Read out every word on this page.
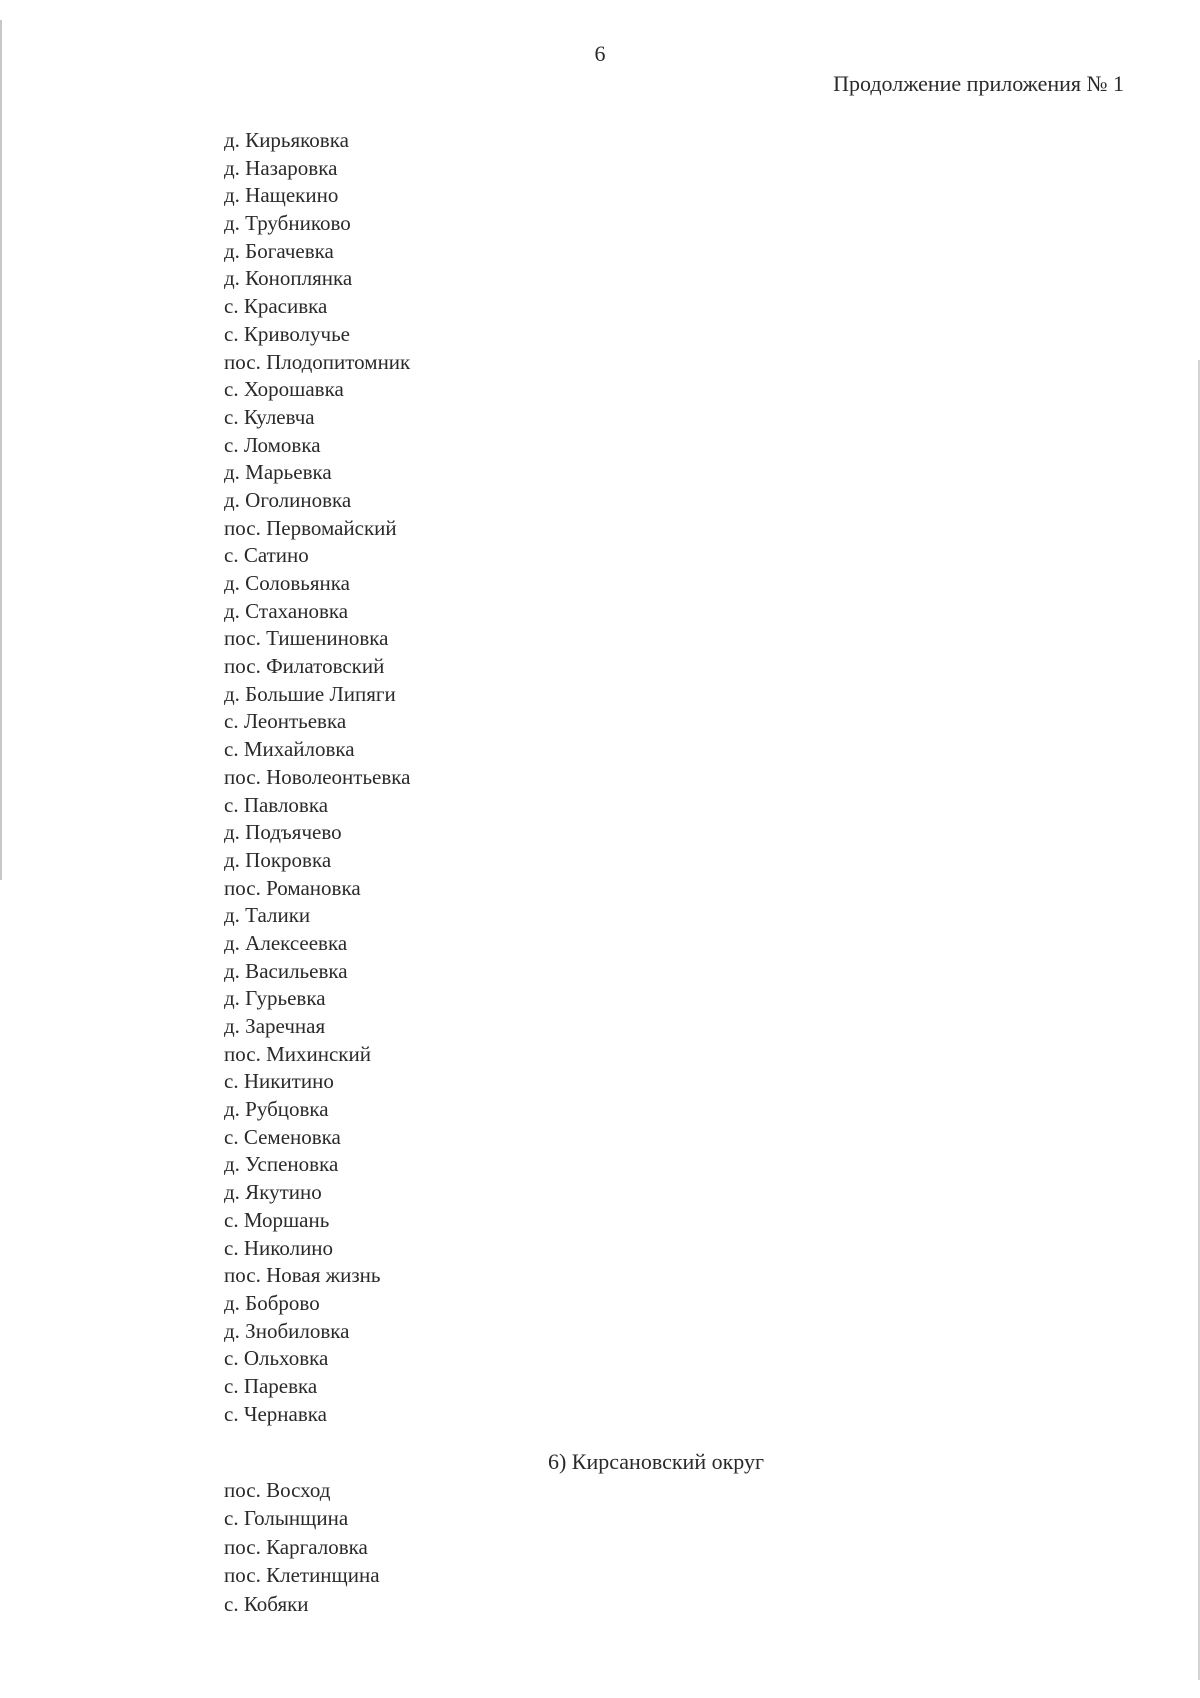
6
Продолжение приложения № 1
д. Кирьяковка
д. Назаровка
д. Нащекино
д. Трубниково
д. Богачевка
д. Коноплянка
с. Красивка
с. Криволучье
пос. Плодопитомник
с. Хорошавка
с. Кулевча
с. Ломовка
д. Марьевка
д. Оголиновка
пос. Первомайский
с. Сатино
д. Соловьянка
д. Стахановка
пос. Тишениновка
пос. Филатовский
д. Большие Липяги
с. Леонтьевка
с. Михайловка
пос. Новолеонтьевка
с. Павловка
д. Подъячево
д. Покровка
пос. Романовка
д. Талики
д. Алексеевка
д. Васильевка
д. Гурьевка
д. Заречная
пос. Михинский
с. Никитино
д. Рубцовка
с. Семеновка
д. Успеновка
д. Якутино
с. Моршань
с. Николино
пос. Новая жизнь
д. Боброво
д. Знобиловка
с. Ольховка
с. Паревка
с. Чернавка
6) Кирсановский округ
пос. Восход
с. Голынщина
пос. Каргаловка
пос. Клетинщина
с. Кобяки
